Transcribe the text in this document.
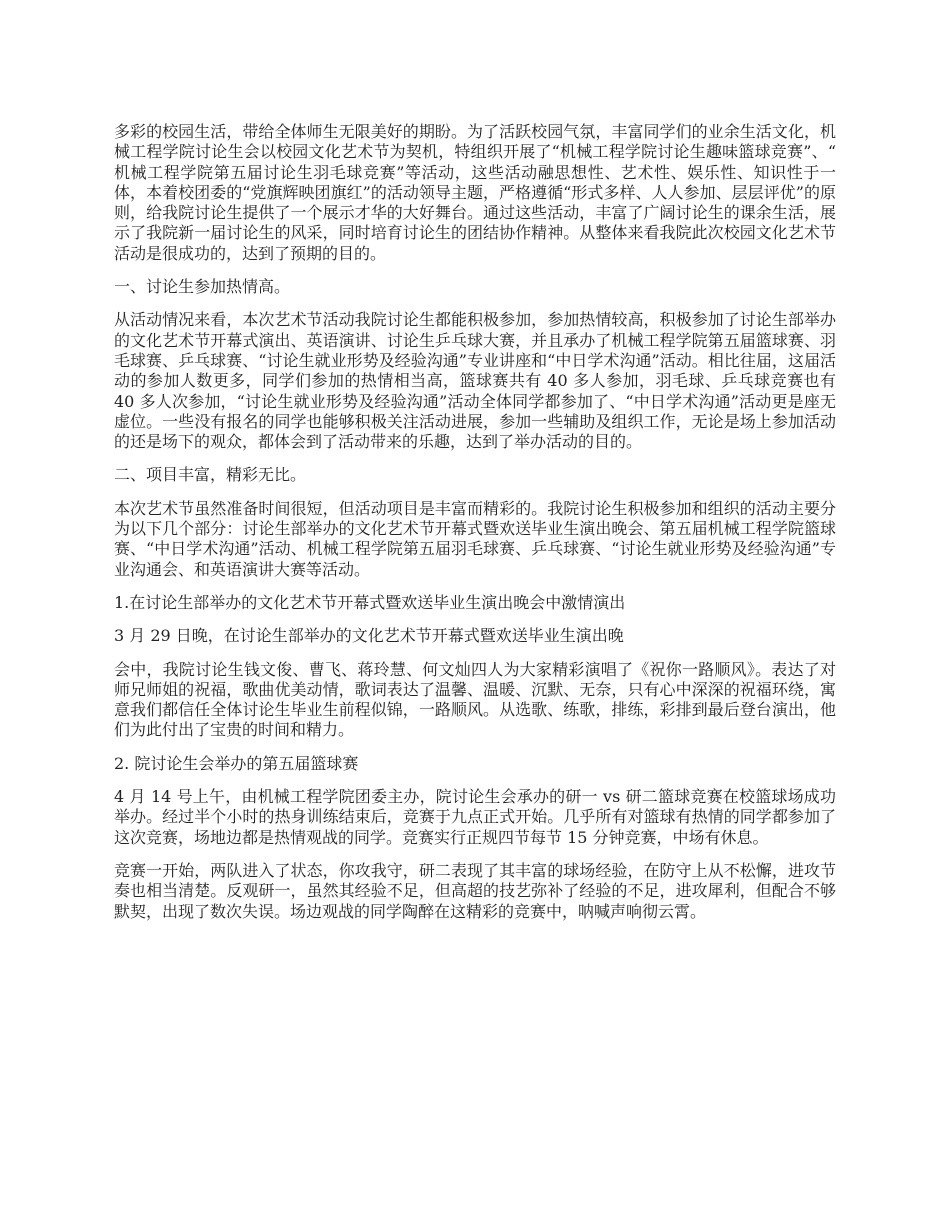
多彩的校园生活，带给全体师生无限美好的期盼。为了活跃校园气氛，丰富同学们的业余生活文化，机械工程学院讨论生会以校园文化艺术节为契机，特组织开展了“机械工程学院讨论生趣味篮球竞赛”、“ 机械工程学院第五届讨论生羽毛球竞赛”等活动，这些活动融思想性、艺术性、娱乐性、知识性于一体，本着校团委的“党旗辉映团旗红”的活动领导主题，严格遵循“形式多样、人人参加、层层评优”的原则，给我院讨论生提供了一个展示才华的大好舞台。通过这些活动，丰富了广阔讨论生的课余生活，展示了我院新一届讨论生的风采，同时培育讨论生的团结协作精神。从整体来看我院此次校园文化艺术节活动是很成功的，达到了预期的目的。

一、讨论生参加热情高。

从活动情况来看，本次艺术节活动我院讨论生都能积极参加，参加热情较高，积极参加了讨论生部举办的文化艺术节开幕式演出、英语演讲、讨论生乒乓球大赛，并且承办了机械工程学院第五届篮球赛、羽毛球赛、乒乓球赛、“讨论生就业形势及经验沟通”专业讲座和“中日学术沟通”活动。相比往届，这届活动的参加人数更多，同学们参加的热情相当高，篮球赛共有 40 多人参加，羽毛球、乒乓球竞赛也有 40 多人次参加，“讨论生就业形势及经验沟通”活动全体同学都参加了、“中日学术沟通”活动更是座无虚位。一些没有报名的同学也能够积极关注活动进展，参加一些辅助及组织工作，无论是场上参加活动的还是场下的观众，都体会到了活动带来的乐趣，达到了举办活动的目的。

二、项目丰富，精彩无比。

本次艺术节虽然准备时间很短，但活动项目是丰富而精彩的。我院讨论生积极参加和组织的活动主要分为以下几个部分：讨论生部举办的文化艺术节开幕式暨欢送毕业生演出晚会、第五届机械工程学院篮球赛、“中日学术沟通”活动、机械工程学院第五届羽毛球赛、乒乓球赛、“讨论生就业形势及经验沟通”专业沟通会、和英语演讲大赛等活动。

1.在讨论生部举办的文化艺术节开幕式暨欢送毕业生演出晚会中激情演出

3 月 29 日晚，在讨论生部举办的文化艺术节开幕式暨欢送毕业生演出晚

会中，我院讨论生钱文俊、曹飞、蒋玲慧、何文灿四人为大家精彩演唱了《祝你一路顺风》。表达了对师兄师姐的祝福，歌曲优美动情，歌词表达了温馨、温暖、沉默、无奈，只有心中深深的祝福环绕，寓意我们都信任全体讨论生毕业生前程似锦，一路顺风。从选歌、练歌，排练，彩排到最后登台演出，他们为此付出了宝贵的时间和精力。

2. 院讨论生会举办的第五届篮球赛

4 月 14 号上午，由机械工程学院团委主办，院讨论生会承办的研一 vs 研二篮球竞赛在校篮球场成功举办。经过半个小时的热身训练结束后，竞赛于九点正式开始。几乎所有对篮球有热情的同学都参加了这次竞赛，场地边都是热情观战的同学。竞赛实行正规四节每节 15 分钟竞赛，中场有休息。

竞赛一开始，两队进入了状态，你攻我守，研二表现了其丰富的球场经验，在防守上从不松懈，进攻节奏也相当清楚。反观研一，虽然其经验不足，但高超的技艺弥补了经验的不足，进攻犀利，但配合不够默契，出现了数次失误。场边观战的同学陶醉在这精彩的竞赛中，呐喊声响彻云霄。
